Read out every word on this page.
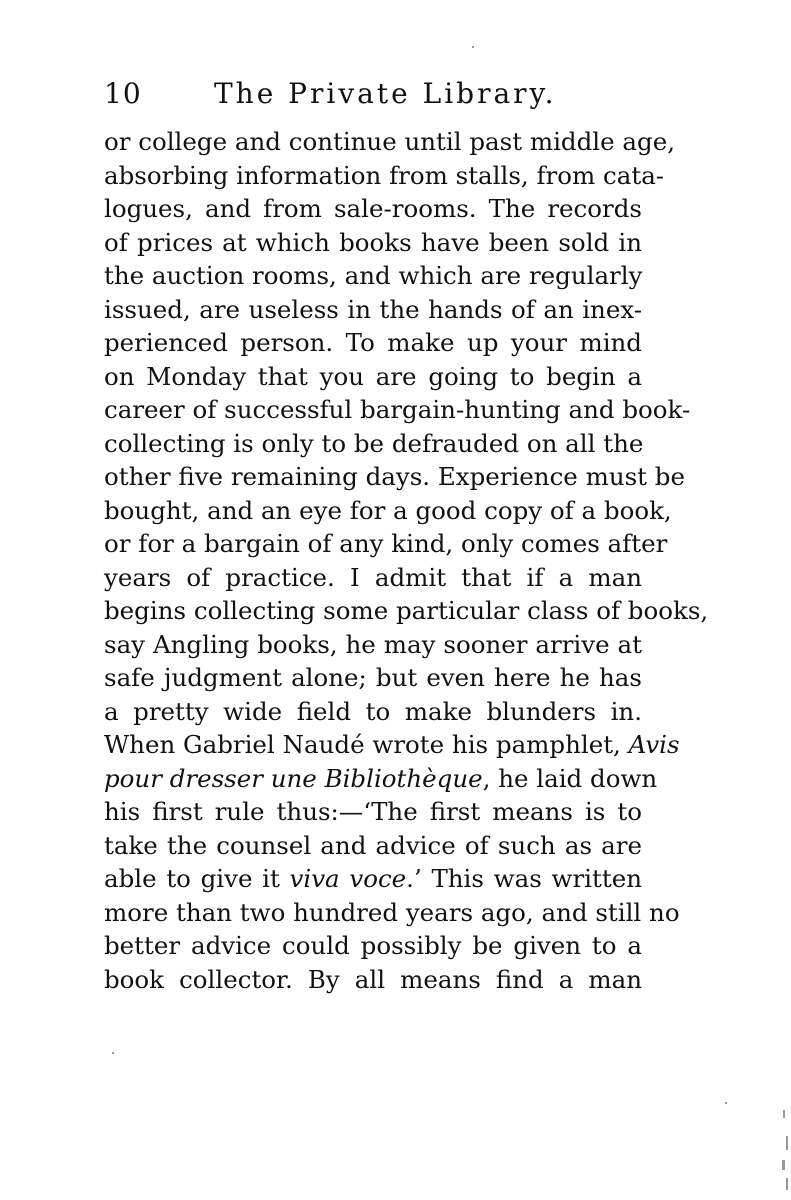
10	The Private Library.
or college and continue until past middle age,
absorbing information from stalls, from cata-
logues, and from sale-rooms. The records
of prices at which books have been sold in
the auction rooms, and which are regularly
issued, are useless in the hands of an inex-
perienced person. To make up your mind
on Monday that you are going to begin a
career of successful bargain-hunting and book-
collecting is only to be defrauded on all the
other five remaining days. Experience must be
bought, and an eye for a good copy of a book,
or for a bargain of any kind, only comes after
years of practice. I admit that if a man
begins collecting some particular class of books,
say Angling books, he may sooner arrive at
safe judgment alone; but even here he has
a pretty wide field to make blunders in.
When Gabriel Naudé wrote his pamphlet, Avis
pour dresser une Bibliothèque, he laid down
his first rule thus:—‘The first means is to
take the counsel and advice of such as are
able to give it viva voce.’ This was written
more than two hundred years ago, and still no
better advice could possibly be given to a
book collector. By all means find a man
